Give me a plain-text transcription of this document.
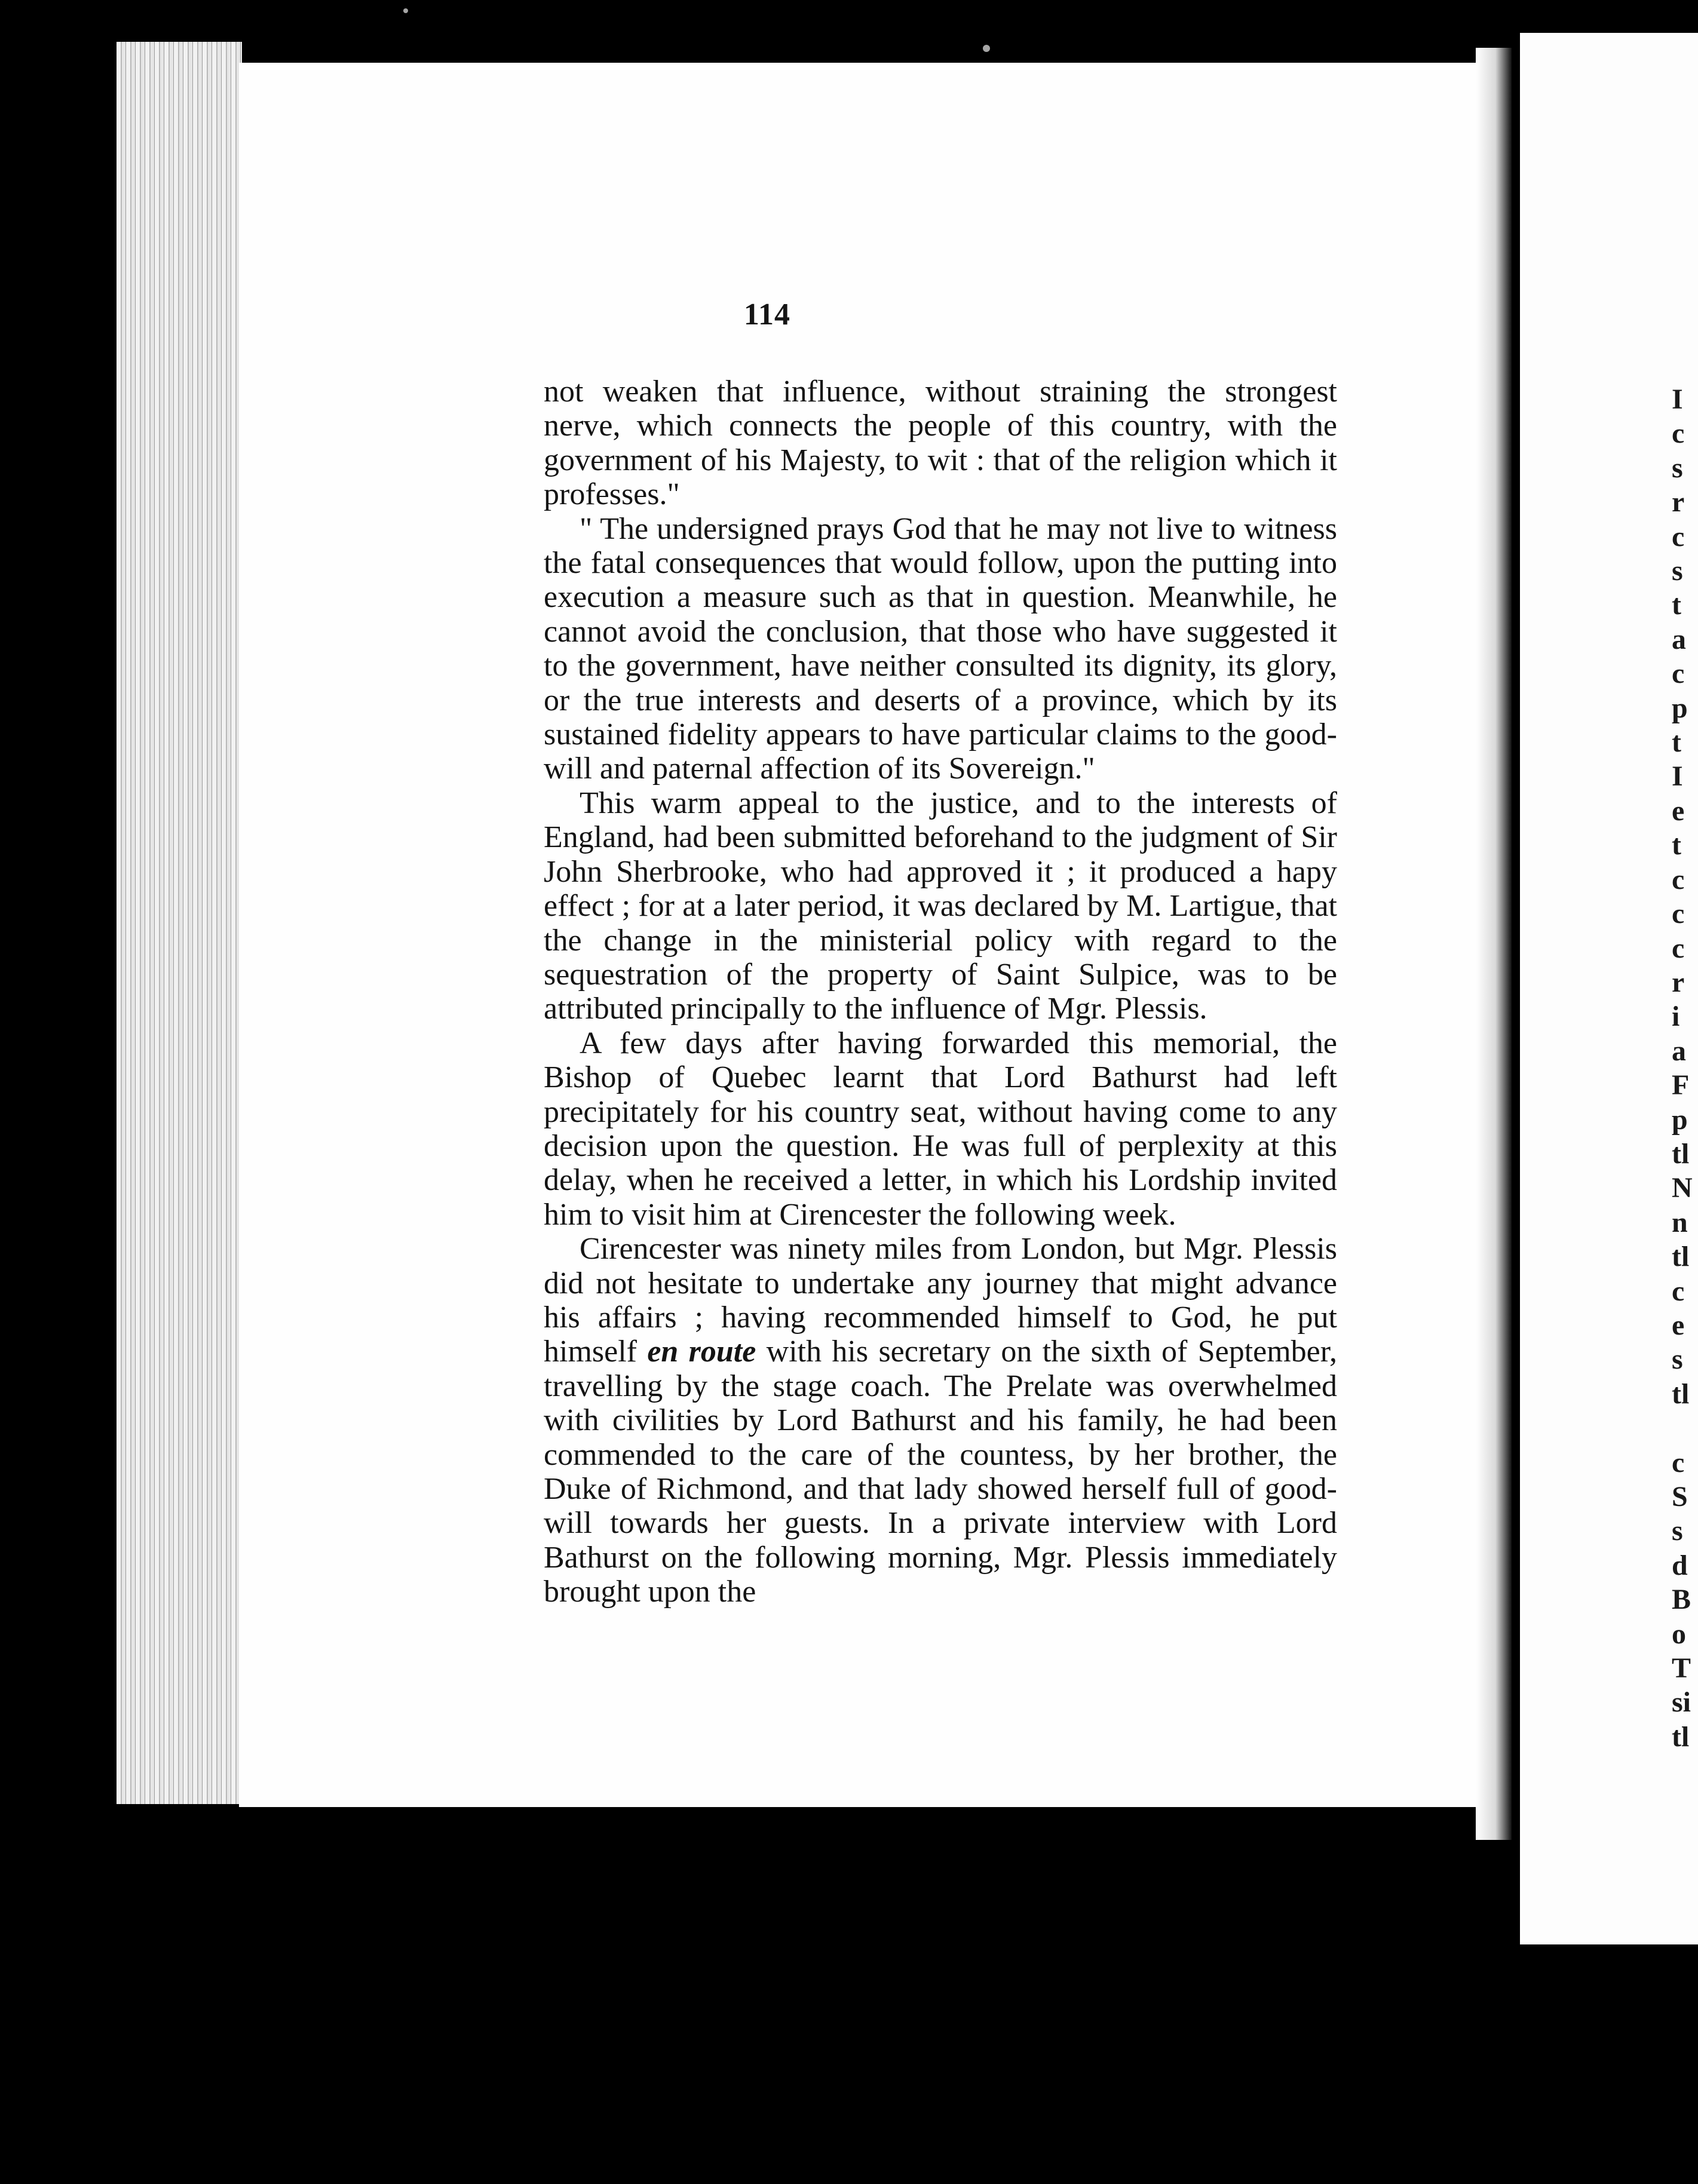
114

not weaken that influence, without straining the strongest nerve, which connects the people of this country, with the government of his Majesty, to wit : that of the religion which it professes."

" The undersigned prays God that he may not live to witness the fatal consequences that would follow, upon the putting into execution a measure such as that in question. Meanwhile, he cannot avoid the conclusion, that those who have suggested it to the government, have neither consulted its dignity, its glory, or the true interests and deserts of a province, which by its sustained fidelity appears to have particular claims to the good-will and paternal affection of its Sovereign."

This warm appeal to the justice, and to the interests of England, had been submitted beforehand to the judgment of Sir John Sherbrooke, who had approved it ; it produced a hapy effect ; for at a later period, it was declared by M. Lartigue, that the change in the ministerial policy with regard to the sequestration of the property of Saint Sulpice, was to be attributed principally to the influence of Mgr. Plessis.

A few days after having forwarded this memorial, the Bishop of Quebec learnt that Lord Bathurst had left precipitately for his country seat, without having come to any decision upon the question. He was full of perplexity at this delay, when he received a letter, in which his Lordship invited him to visit him at Cirencester the following week.

Cirencester was ninety miles from London, but Mgr. Plessis did not hesitate to undertake any journey that might advance his affairs ; having recommended himself to God, he put himself en route with his secretary on the sixth of September, travelling by the stage coach. The Prelate was overwhelmed with civilities by Lord Bathurst and his family, he had been commended to the care of the countess, by her brother, the Duke of Richmond, and that lady showed herself full of good-will towards her guests. In a private interview with Lord Bathurst on the following morning, Mgr. Plessis immediately brought upon the

I
c
s
r
c
s
t
a
c
p
t
I
e
t
c
c
c
r
i
a
F
p
tl
N
n
tl
c
e
s
tl

c
S
s
d
B
o
T
si
tl
